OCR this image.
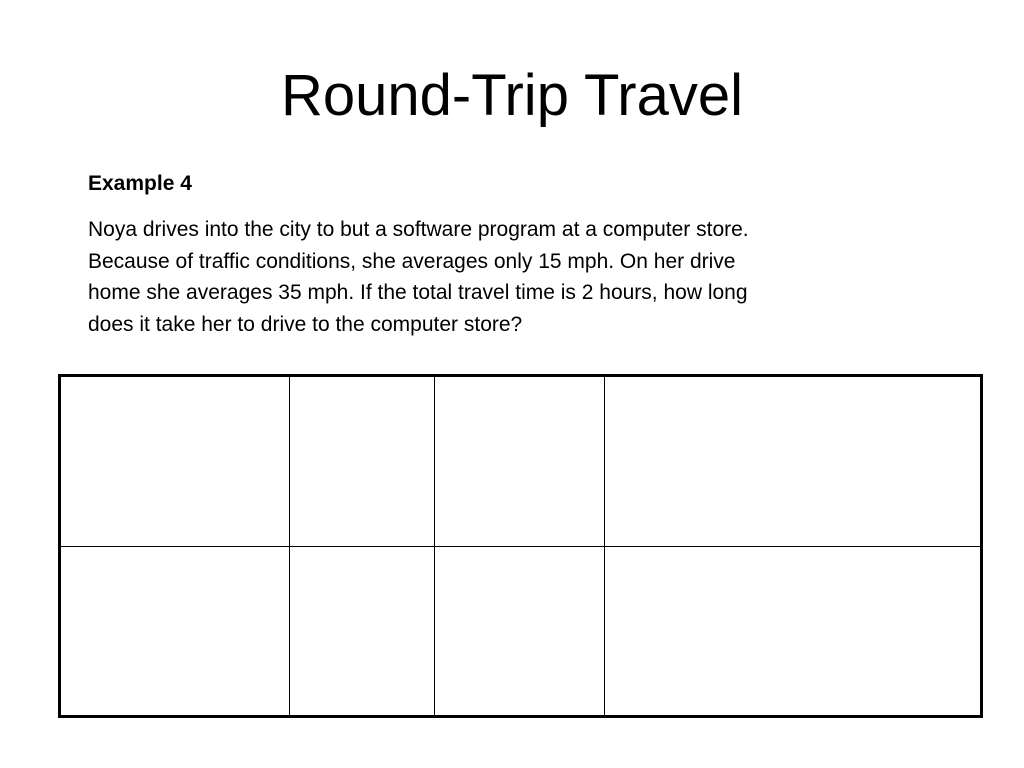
Round-Trip Travel

Example 4

Noya drives into the city to but a software program at a computer store.
Because of traffic conditions, she averages only 15 mph. On her drive
home she averages 35 mph. If the total travel time is 2 hours, how long
does it take her to drive to the computer store?
